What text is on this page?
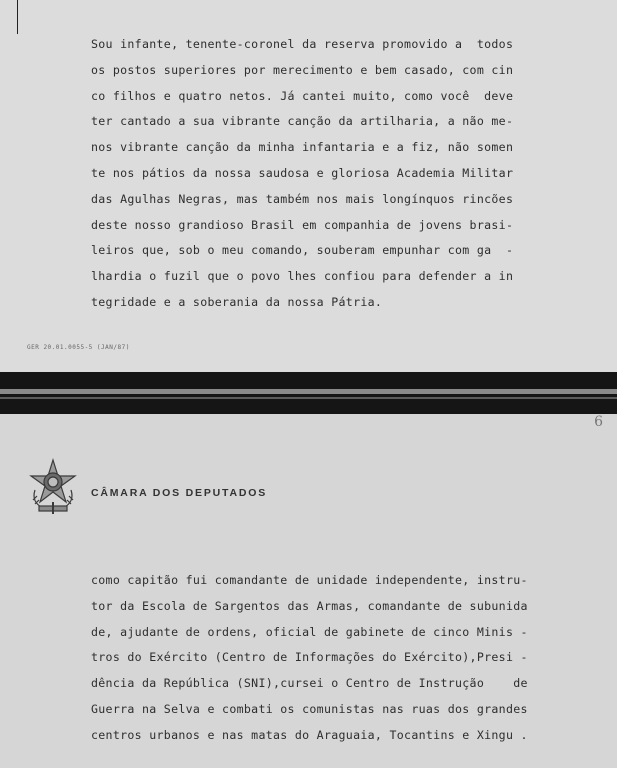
Sou infante, tenente-coronel da reserva promovido a  todos
os postos superiores por merecimento e bem casado, com cin
co filhos e quatro netos. Já cantei muito, como você  deve
ter cantado a sua vibrante canção da artilharia, a não me-
nos vibrante canção da minha infantaria e a fiz, não somen
te nos pátios da nossa saudosa e gloriosa Academia Militar
das Agulhas Negras, mas também nos mais longínquos rincões
deste nosso grandioso Brasil em companhia de jovens brasi-
leiros que, sob o meu comando, souberam empunhar com ga  -
lhardia o fuzil que o povo lhes confiou para defender a in
tegridade e a soberania da nossa Pátria.
GER 20.01.0055-5 (JAN/87)
6
CÂMARA DOS DEPUTADOS
como capitão fui comandante de unidade independente, instru-
tor da Escola de Sargentos das Armas, comandante de subunida
de, ajudante de ordens, oficial de gabinete de cinco Minis -
tros do Exército (Centro de Informações do Exército),Presi -
dência da República (SNI),cursei o Centro de Instrução    de
Guerra na Selva e combati os comunistas nas ruas dos grandes
centros urbanos e nas matas do Araguaia, Tocantins e Xingu .
